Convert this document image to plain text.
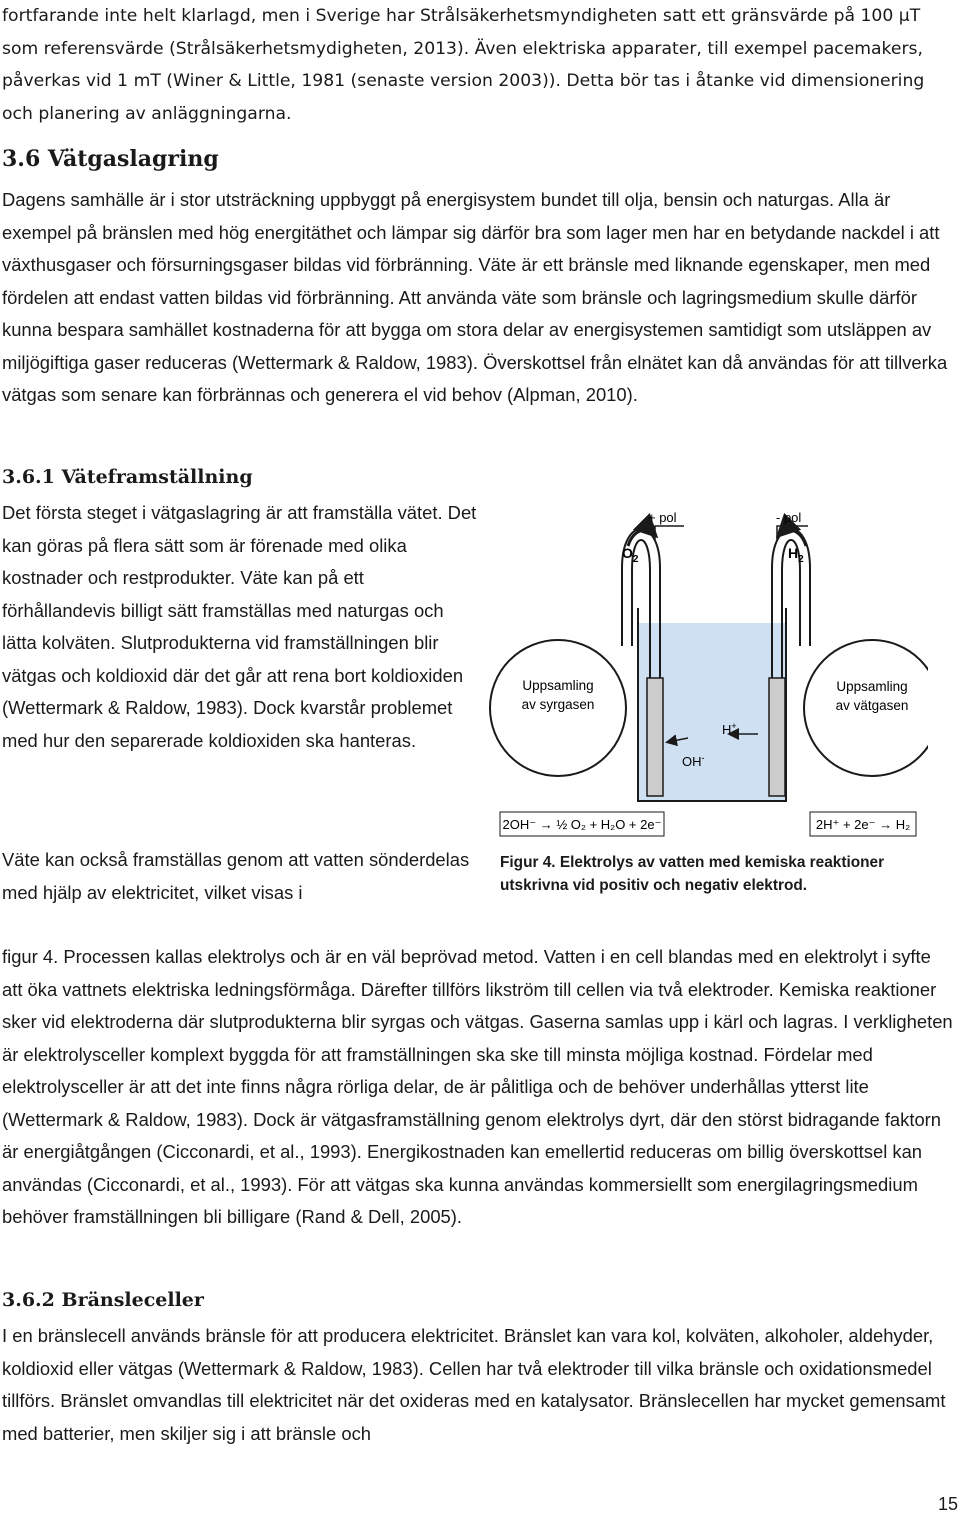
fortfarande inte helt klarlagd, men i Sverige har Strålsäkerhetsmyndigheten satt ett gränsvärde på 100 µT som referensvärde (Strålsäkerhetsmydigheten, 2013). Även elektriska apparater, till exempel pacemakers, påverkas vid 1 mT (Winer & Little, 1981 (senaste version 2003)). Detta bör tas i åtanke vid dimensionering och planering av anläggningarna.

3.6 Vätgaslagring

Dagens samhälle är i stor utsträckning uppbyggt på energisystem bundet till olja, bensin och naturgas. Alla är exempel på bränslen med hög energitäthet och lämpar sig därför bra som lager men har en betydande nackdel i att växthusgaser och försurningsgaser bildas vid förbränning. Väte är ett bränsle med liknande egenskaper, men med fördelen att endast vatten bildas vid förbränning. Att använda väte som bränsle och lagringsmedium skulle därför kunna bespara samhället kostnaderna för att bygga om stora delar av energisystemen samtidigt som utsläppen av miljögiftiga gaser reduceras (Wettermark & Raldow, 1983). Överskottsel från elnätet kan då användas för att tillverka vätgas som senare kan förbrännas och generera el vid behov (Alpman, 2010).

3.6.1 Väteframställning

Det första steget i vätgaslagring är att framställa vätet. Det kan göras på flera sätt som är förenade med olika kostnader och restprodukter. Väte kan på ett förhållandevis billigt sätt framställas med naturgas och lätta kolväten. Slutprodukterna vid framställningen blir vätgas och koldioxid där det går att rena bort koldioxiden (Wettermark & Raldow, 1983). Dock kvarstår problemet med hur den separerade koldioxiden ska hanteras.

Väte kan också framställas genom att vatten sönderdelas med hjälp av elektricitet, vilket visas i

figur 4. Processen kallas elektrolys och är en väl beprövad metod. Vatten i en cell blandas med en elektrolyt i syfte att öka vattnets elektriska ledningsförmåga. Därefter tillförs likström till cellen via två elektroder. Kemiska reaktioner sker vid elektroderna där slutprodukterna blir syrgas och vätgas. Gaserna samlas upp i kärl och lagras. I verkligheten är elektrolysceller komplext byggda för att framställningen ska ske till minsta möjliga kostnad. Fördelar med elektrolysceller är att det inte finns några rörliga delar, de är pålitliga och de behöver underhållas ytterst lite (Wettermark & Raldow, 1983). Dock är vätgasframställning genom elektrolys dyrt, där den störst bidragande faktorn är energiåtgången (Cicconardi, et al., 1993). Energikostnaden kan emellertid reduceras om billig överskottsel kan användas (Cicconardi, et al., 1993). För att vätgas ska kunna användas kommersiellt som energilagringsmedium behöver framställningen bli billigare (Rand & Dell, 2005).

+ pol	- pol
$O_2$	$H_2$
Uppsamling
av syrgasen
Uppsamling
av vätgasen
H+
OH-
2OH⁻ → ½ O₂ + H₂O + 2e⁻	2H⁺ + 2e⁻ → H₂

Figur 4. Elektrolys av vatten med kemiska reaktioner utskrivna vid positiv och negativ elektrod.

3.6.2 Bränsleceller

I en bränslecell används bränsle för att producera elektricitet. Bränslet kan vara kol, kolväten, alkoholer, aldehyder, koldioxid eller vätgas (Wettermark & Raldow, 1983). Cellen har två elektroder till vilka bränsle och oxidationsmedel tillförs. Bränslet omvandlas till elektricitet när det oxideras med en katalysator. Bränslecellen har mycket gemensamt med batterier, men skiljer sig i att bränsle och

15
